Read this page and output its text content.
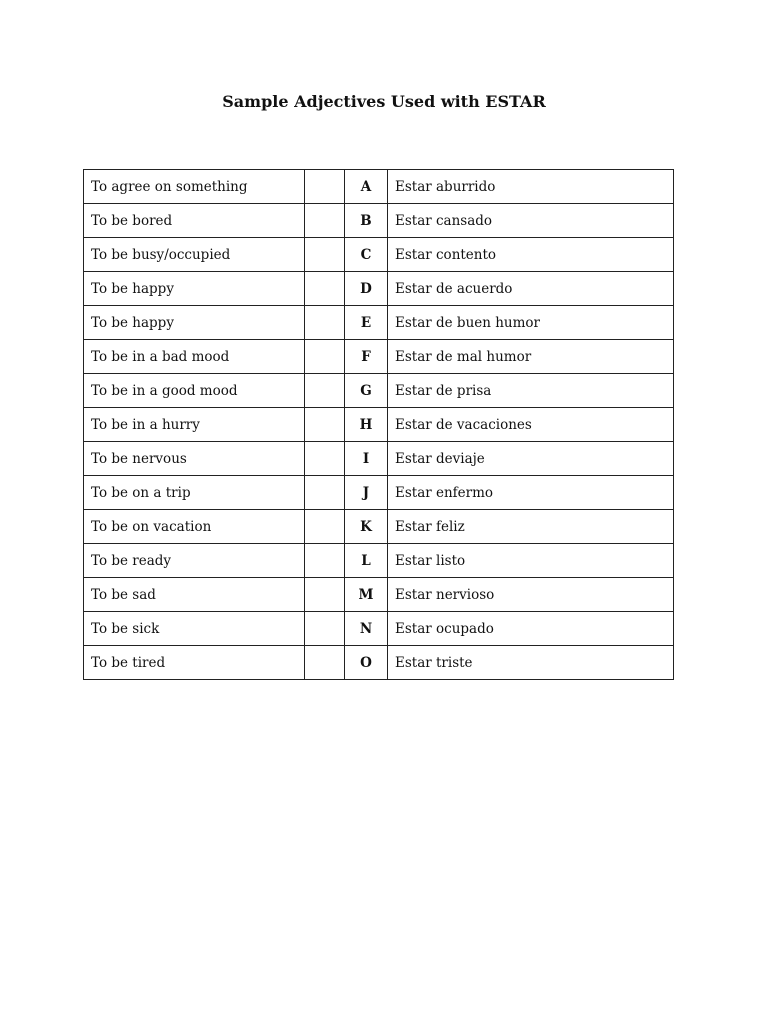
Sample Adjectives Used with ESTAR
To agree on something		A	Estar aburrido
To be bored		B	Estar cansado
To be busy/occupied		C	Estar contento
To be happy		D	Estar de acuerdo
To be happy		E	Estar de buen humor
To be in a bad mood		F	Estar de mal humor
To be in a good mood		G	Estar de prisa
To be in a hurry		H	Estar de vacaciones
To be nervous		I	Estar deviaje
To be on a trip		J	Estar enfermo
To be on vacation		K	Estar feliz
To be ready		L	Estar listo
To be sad		M	Estar nervioso
To be sick		N	Estar ocupado
To be tired		O	Estar triste
